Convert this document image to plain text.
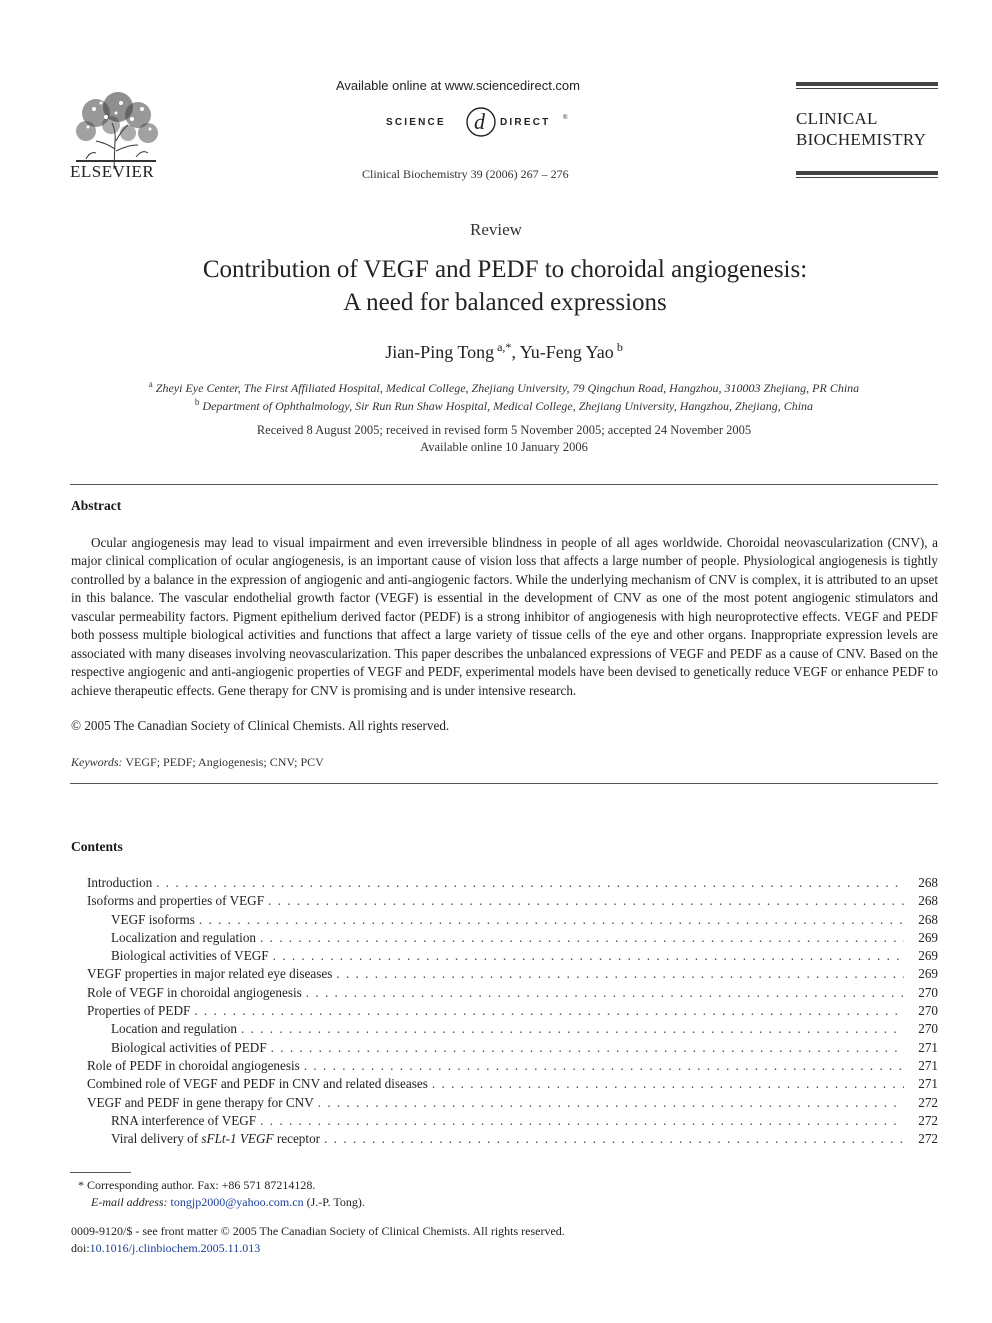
ELSEVIER
Available online at www.sciencedirect.com
SCIENCE d DIRECT ®
Clinical Biochemistry 39 (2006) 267 – 276
CLINICAL
BIOCHEMISTRY
Review
Contribution of VEGF and PEDF to choroidal angiogenesis:
A need for balanced expressions
Jian-Ping Tong $^{a,*}$, Yu-Feng Yao $^b$
$^a$ Zheyi Eye Center, The First Affiliated Hospital, Medical College, Zhejiang University, 79 Qingchun Road, Hangzhou, 310003 Zhejiang, PR China
$^b$ Department of Ophthalmology, Sir Run Run Shaw Hospital, Medical College, Zhejiang University, Hangzhou, Zhejiang, China
Received 8 August 2005; received in revised form 5 November 2005; accepted 24 November 2005
Available online 10 January 2006
Abstract
Ocular angiogenesis may lead to visual impairment and even irreversible blindness in people of all ages worldwide. Choroidal neovascularization (CNV), a major clinical complication of ocular angiogenesis, is an important cause of vision loss that affects a large number of people. Physiological angiogenesis is tightly controlled by a balance in the expression of angiogenic and anti-angiogenic factors. While the underlying mechanism of CNV is complex, it is attributed to an upset in this balance. The vascular endothelial growth factor (VEGF) is essential in the development of CNV as one of the most potent angiogenic stimulators and vascular permeability factors. Pigment epithelium derived factor (PEDF) is a strong inhibitor of angiogenesis with high neuroprotective effects. VEGF and PEDF both possess multiple biological activities and functions that affect a large variety of tissue cells of the eye and other organs. Inappropriate expression levels are associated with many diseases involving neovascularization. This paper describes the unbalanced expressions of VEGF and PEDF as a cause of CNV. Based on the respective angiogenic and anti-angiogenic properties of VEGF and PEDF, experimental models have been devised to genetically reduce VEGF or enhance PEDF to achieve therapeutic effects. Gene therapy for CNV is promising and is under intensive research.
© 2005 The Canadian Society of Clinical Chemists. All rights reserved.
Keywords: VEGF; PEDF; Angiogenesis; CNV; PCV
Contents
Introduction . . .	268
Isoforms and properties of VEGF . . .	268
VEGF isoforms . . .	268
Localization and regulation . . .	269
Biological activities of VEGF . . .	269
VEGF properties in major related eye diseases . . .	269
Role of VEGF in choroidal angiogenesis . . .	270
Properties of PEDF . . .	270
Location and regulation . . .	270
Biological activities of PEDF . . .	271
Role of PEDF in choroidal angiogenesis . . .	271
Combined role of VEGF and PEDF in CNV and related diseases . . .	271
VEGF and PEDF in gene therapy for CNV . . .	272
RNA interference of VEGF . . .	272
Viral delivery of sFLt-1 VEGF receptor . . .	272
* Corresponding author. Fax: +86 571 87214128.
E-mail address: tongjp2000@yahoo.com.cn (J.-P. Tong).
0009-9120/$ - see front matter © 2005 The Canadian Society of Clinical Chemists. All rights reserved.
doi:10.1016/j.clinbiochem.2005.11.013
